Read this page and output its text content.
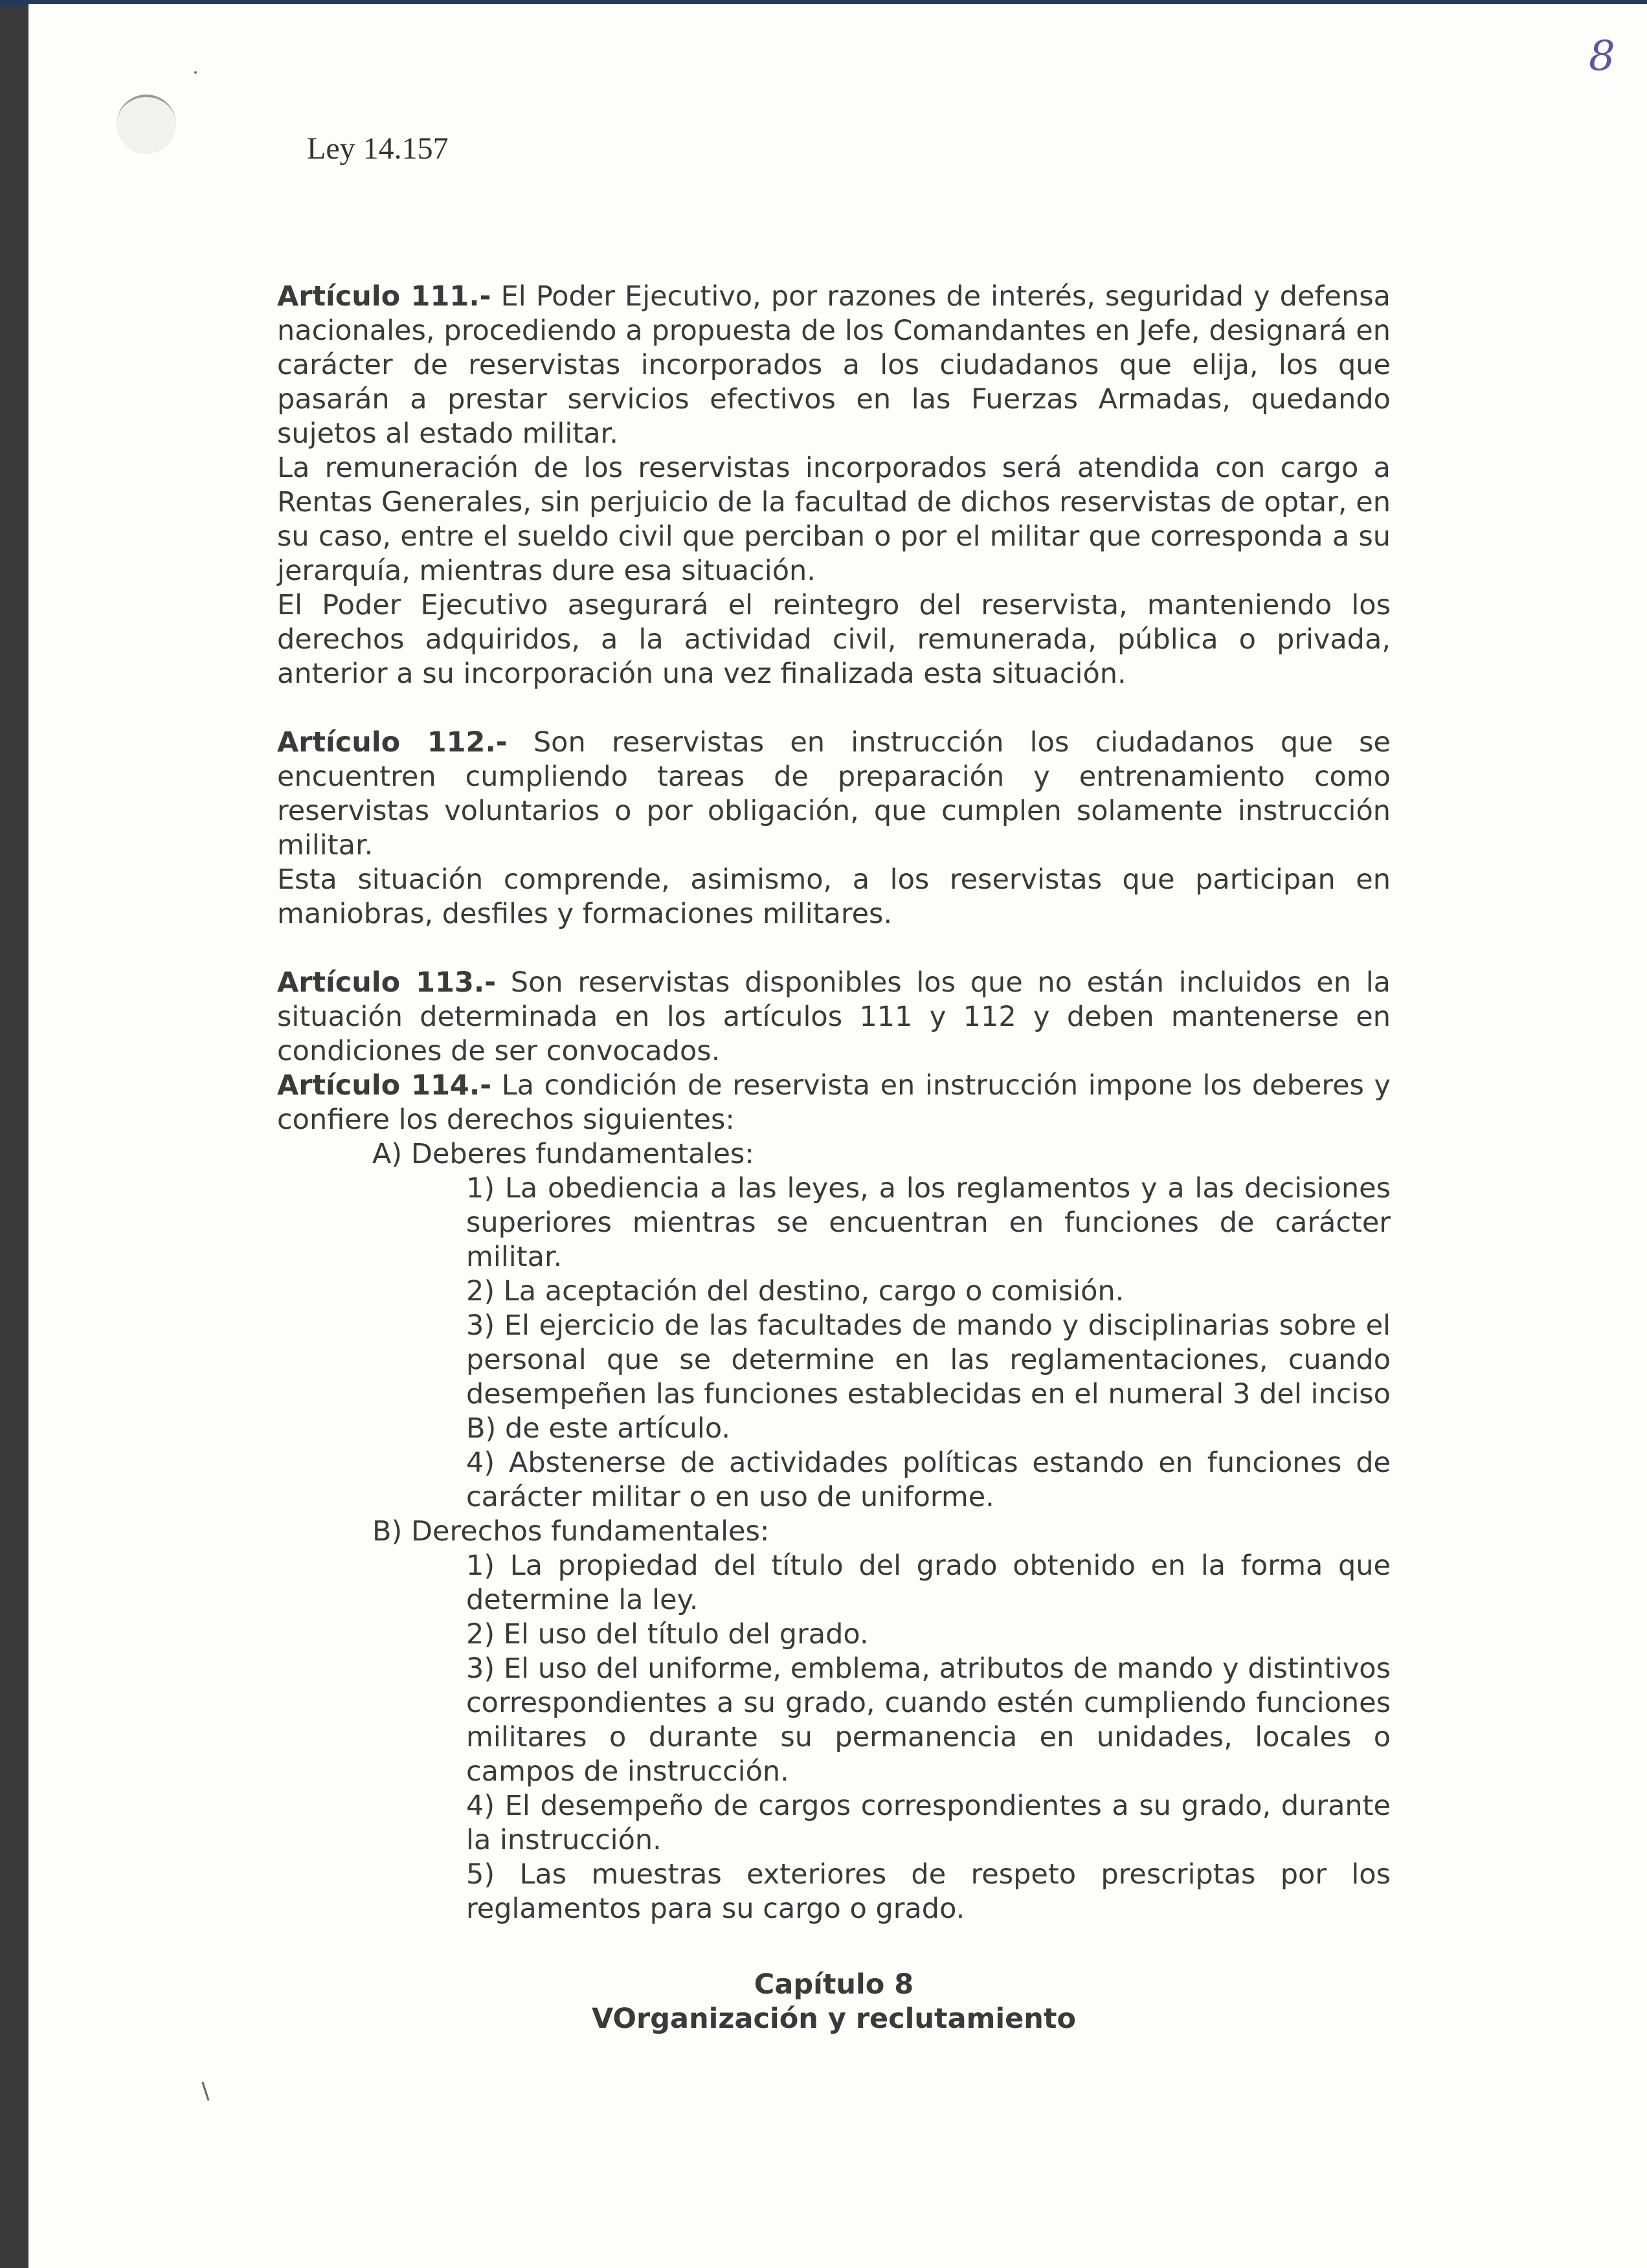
8
Ley 14.157

Artículo 111.- El Poder Ejecutivo, por razones de interés, seguridad y defensa nacionales, procediendo a propuesta de los Comandantes en Jefe, designará en carácter de reservistas incorporados a los ciudadanos que elija, los que pasarán a prestar servicios efectivos en las Fuerzas Armadas, quedando sujetos al estado militar.

La remuneración de los reservistas incorporados será atendida con cargo a Rentas Generales, sin perjuicio de la facultad de dichos reservistas de optar, en su caso, entre el sueldo civil que perciban o por el militar que corresponda a su jerarquía, mientras dure esa situación.

El Poder Ejecutivo asegurará el reintegro del reservista, manteniendo los derechos adquiridos, a la actividad civil, remunerada, pública o privada, anterior a su incorporación una vez finalizada esta situación.

Artículo 112.- Son reservistas en instrucción los ciudadanos que se encuentren cumpliendo tareas de preparación y entrenamiento como reservistas voluntarios o por obligación, que cumplen solamente instrucción militar.

Esta situación comprende, asimismo, a los reservistas que participan en maniobras, desfiles y formaciones militares.

Artículo 113.- Son reservistas disponibles los que no están incluidos en la situación determinada en los artículos 111 y 112 y deben mantenerse en condiciones de ser convocados.

Artículo 114.- La condición de reservista en instrucción impone los deberes y confiere los derechos siguientes:

A) Deberes fundamentales:

1) La obediencia a las leyes, a los reglamentos y a las decisiones superiores mientras se encuentran en funciones de carácter militar.

2) La aceptación del destino, cargo o comisión.

3) El ejercicio de las facultades de mando y disciplinarias sobre el personal que se determine en las reglamentaciones, cuando desempeñen las funciones establecidas en el numeral 3 del inciso B) de este artículo.

4) Abstenerse de actividades políticas estando en funciones de carácter militar o en uso de uniforme.

B) Derechos fundamentales:

1) La propiedad del título del grado obtenido en la forma que determine la ley.

2) El uso del título del grado.

3) El uso del uniforme, emblema, atributos de mando y distintivos correspondientes a su grado, cuando estén cumpliendo funciones militares o durante su permanencia en unidades, locales o campos de instrucción.

4) El desempeño de cargos correspondientes a su grado, durante la instrucción.

5) Las muestras exteriores de respeto prescriptas por los reglamentos para su cargo o grado.

Capítulo 8
VOrganización y reclutamiento
